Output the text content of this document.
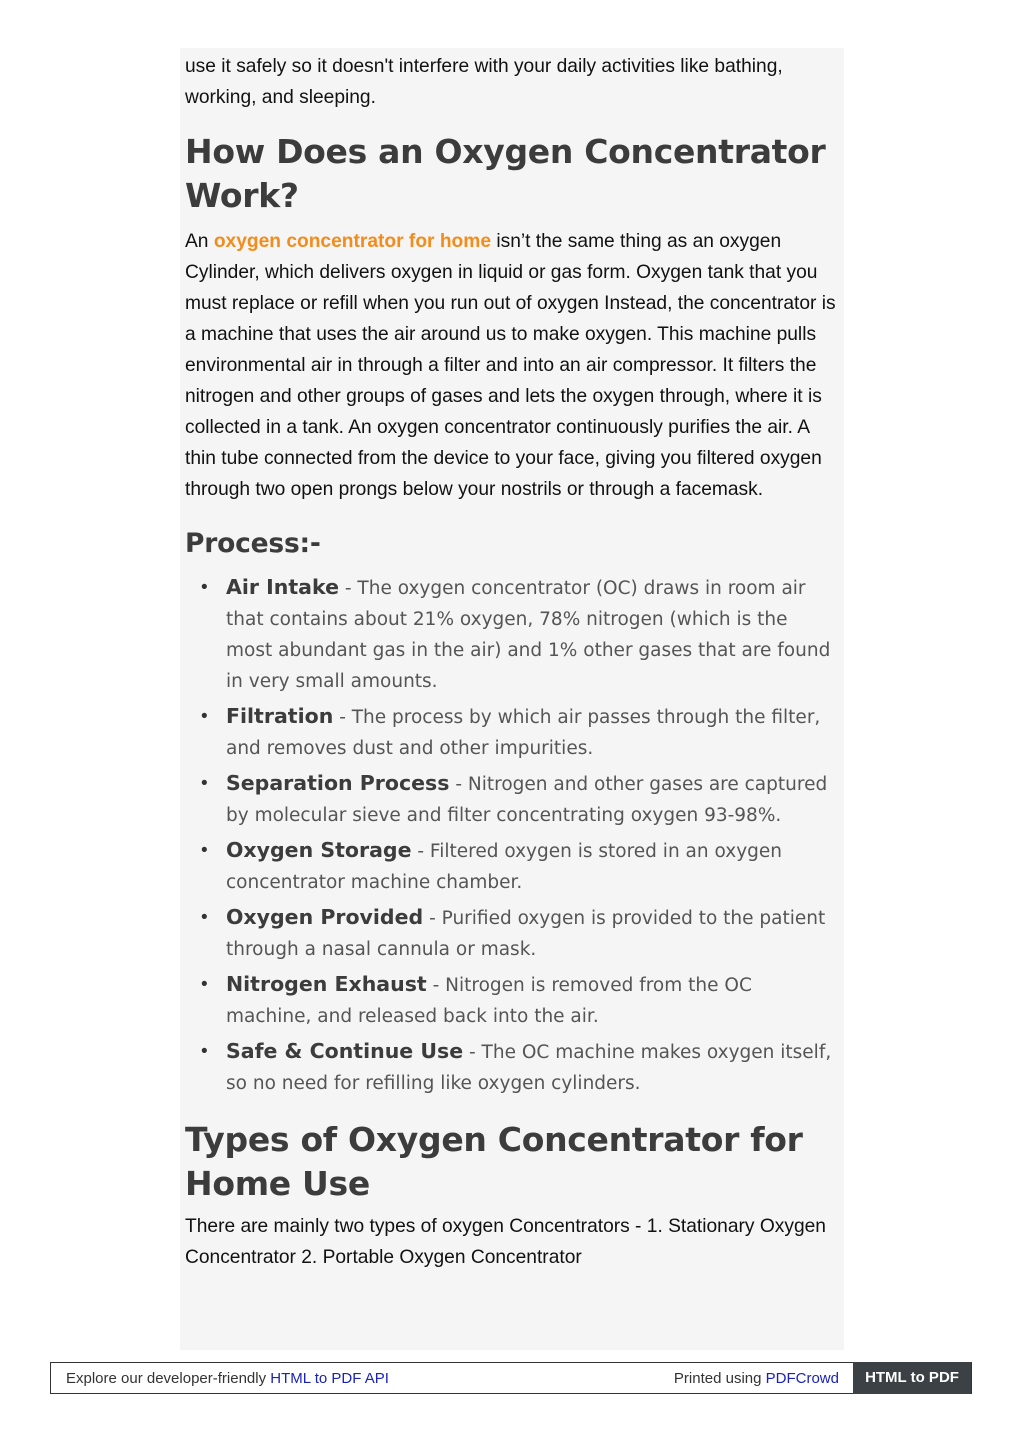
use it safely so it doesn't interfere with your daily activities like bathing, working, and sleeping.

How Does an Oxygen Concentrator Work?

An oxygen concentrator for home isn’t the same thing as an oxygen Cylinder, which delivers oxygen in liquid or gas form. Oxygen tank that you must replace or refill when you run out of oxygen Instead, the concentrator is a machine that uses the air around us to make oxygen. This machine pulls environmental air in through a filter and into an air compressor. It filters the nitrogen and other groups of gases and lets the oxygen through, where it is collected in a tank. An oxygen concentrator continuously purifies the air. A thin tube connected from the device to your face, giving you filtered oxygen through two open prongs below your nostrils or through a facemask.

Process:-
• Air Intake - The oxygen concentrator (OC) draws in room air that contains about 21% oxygen, 78% nitrogen (which is the most abundant gas in the air) and 1% other gases that are found in very small amounts.
• Filtration - The process by which air passes through the filter, and removes dust and other impurities.
• Separation Process - Nitrogen and other gases are captured by molecular sieve and filter concentrating oxygen 93-98%.
• Oxygen Storage - Filtered oxygen is stored in an oxygen concentrator machine chamber.
• Oxygen Provided - Purified oxygen is provided to the patient through a nasal cannula or mask.
• Nitrogen Exhaust - Nitrogen is removed from the OC machine, and released back into the air.
• Safe & Continue Use - The OC machine makes oxygen itself, so no need for refilling like oxygen cylinders.
Types of Oxygen Concentrator for Home Use

There are mainly two types of oxygen Concentrators - 1. Stationary Oxygen Concentrator 2. Portable Oxygen Concentrator

Explore our developer-friendly HTML to PDF API	Printed using PDFCrowd	HTML to PDF
